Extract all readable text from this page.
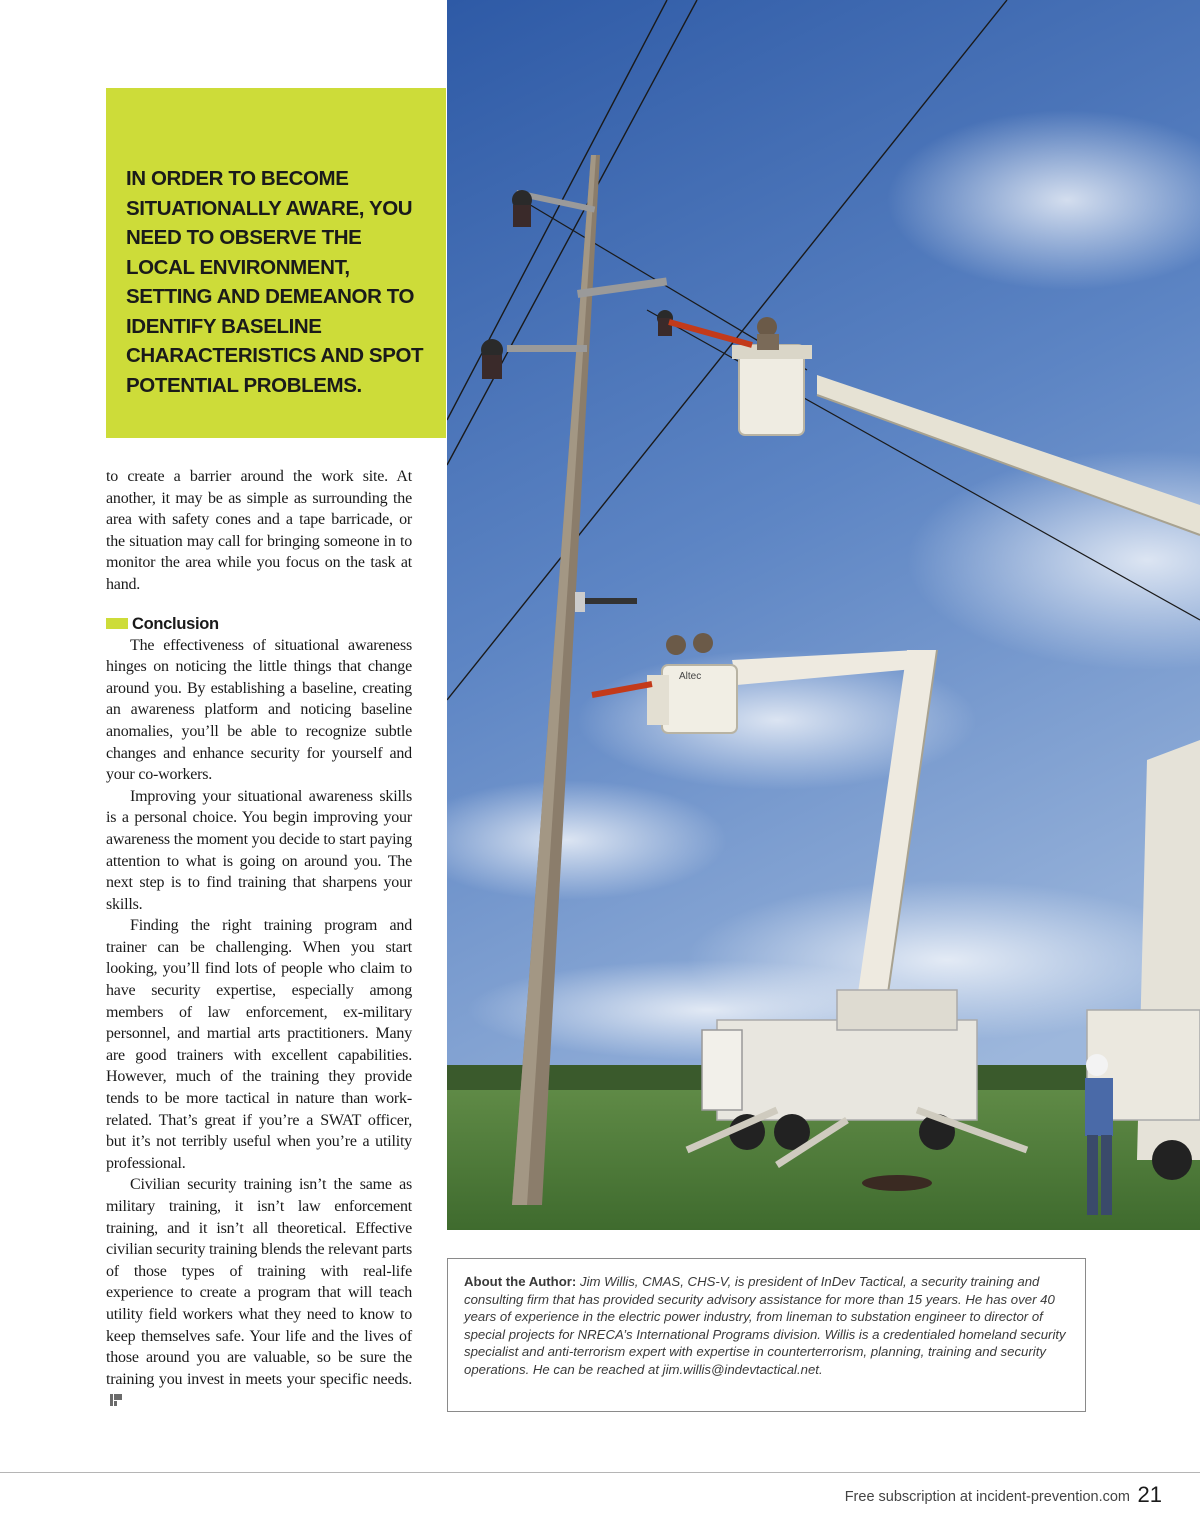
IN ORDER TO BECOME SITUATIONALLY AWARE, YOU NEED TO OBSERVE THE LOCAL ENVIRONMENT, SETTING AND DEMEANOR TO IDENTIFY BASELINE CHARACTERISTICS AND SPOT POTENTIAL PROBLEMS.

to create a barrier around the work site. At another, it may be as simple as surrounding the area with safety cones and a tape barricade, or the situation may call for bringing someone in to monitor the area while you focus on the task at hand.

Conclusion

The effectiveness of situational awareness hinges on noticing the little things that change around you. By establishing a baseline, creating an awareness platform and noticing baseline anomalies, you’ll be able to recognize subtle changes and enhance security for yourself and your co-workers.

Improving your situational awareness skills is a personal choice. You begin improving your awareness the moment you decide to start paying attention to what is going on around you. The next step is to find training that sharpens your skills.

Finding the right training program and trainer can be challenging. When you start looking, you’ll find lots of people who claim to have security expertise, especially among members of law enforcement, ex-military personnel, and martial arts practitioners. Many are good trainers with excellent capabilities. However, much of the training they provide tends to be more tactical in nature than work-related. That’s great if you’re a SWAT officer, but it’s not terribly useful when you’re a utility professional.

Civilian security training isn’t the same as military training, it isn’t law enforcement training, and it isn’t all theoretical. Effective civilian security training blends the relevant parts of those types of training with real-life experience to create a program that will teach utility field workers what they need to know to keep themselves safe. Your life and the lives of those around you are valuable, so be sure the training you invest in meets your specific needs.

Altec
About the Author: Jim Willis, CMAS, CHS-V, is president of InDev Tactical, a security training and consulting firm that has provided security advisory assistance for more than 15 years. He has over 40 years of experience in the electric power industry, from lineman to substation engineer to director of special projects for NRECA’s International Programs division. Willis is a credentialed homeland security specialist and anti-terrorism expert with expertise in counterterrorism, planning, training and security operations. He can be reached at jim.willis@indevtactical.net.
Free subscription at incident-prevention.com 21
